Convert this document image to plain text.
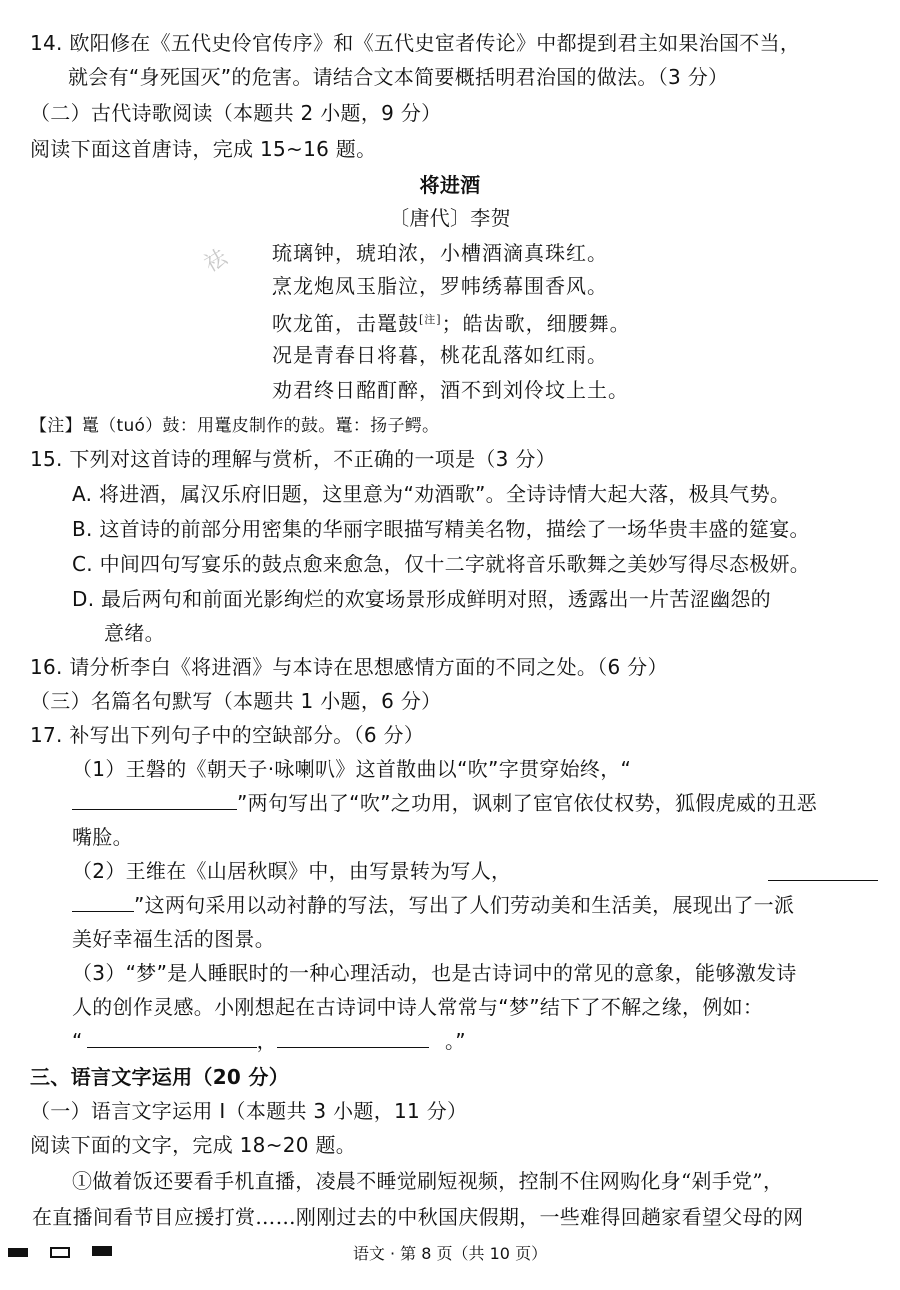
14. 欧阳修在《五代史伶官传序》和《五代史宦者传论》中都提到君主如果治国不当，
就会有“身死国灭”的危害。请结合文本简要概括明君治国的做法。（3 分）
（二）古代诗歌阅读（本题共 2 小题，9 分）
阅读下面这首唐诗，完成 15~16 题。
将进酒
〔唐代〕李贺
祛 琉璃钟，琥珀浓，小槽酒滴真珠红。
烹龙炮凤玉脂泣，罗帏绣幕围香风。
吹龙笛，击鼍鼓[注]；皓齿歌，细腰舞。
况是青春日将暮，桃花乱落如红雨。
劝君终日酩酊醉，酒不到刘伶坟上土。
【注】鼍（tuó）鼓：用鼍皮制作的鼓。鼍：扬子鳄。
15. 下列对这首诗的理解与赏析，不正确的一项是（3 分）
A. 将进酒，属汉乐府旧题，这里意为“劝酒歌”。全诗诗情大起大落，极具气势。
B. 这首诗的前部分用密集的华丽字眼描写精美名物，描绘了一场华贵丰盛的筵宴。
C. 中间四句写宴乐的鼓点愈来愈急，仅十二字就将音乐歌舞之美妙写得尽态极妍。
D. 最后两句和前面光影绚烂的欢宴场景形成鲜明对照，透露出一片苦涩幽怨的
意绪。
16. 请分析李白《将进酒》与本诗在思想感情方面的不同之处。（6 分）
（三）名篇名句默写（本题共 1 小题，6 分）
17. 补写出下列句子中的空缺部分。（6 分）
（1）王磐的《朝天子·咏喇叭》这首散曲以“吹”字贯穿始终，“
”两句写出了“吹”之功用，讽刺了宦官依仗权势，狐假虎威的丑恶
嘴脸。
（2）王维在《山居秋暝》中，由写景转为写人，
”这两句采用以动衬静的写法，写出了人们劳动美和生活美，展现出了一派
美好幸福生活的图景。
（3）“梦”是人睡眠时的一种心理活动，也是古诗词中的常见的意象，能够激发诗
人的创作灵感。小刚想起在古诗词中诗人常常与“梦”结下了不解之缘，例如：
“	，	。”
三、语言文字运用（20 分）
（一）语言文字运用 I（本题共 3 小题，11 分）
阅读下面的文字，完成 18~20 题。
①做着饭还要看手机直播，凌晨不睡觉刷短视频，控制不住网购化身“剁手党”，
在直播间看节目应援打赏……刚刚过去的中秋国庆假期，一些难得回趟家看望父母的网
语文 · 第 8 页（共 10 页）
